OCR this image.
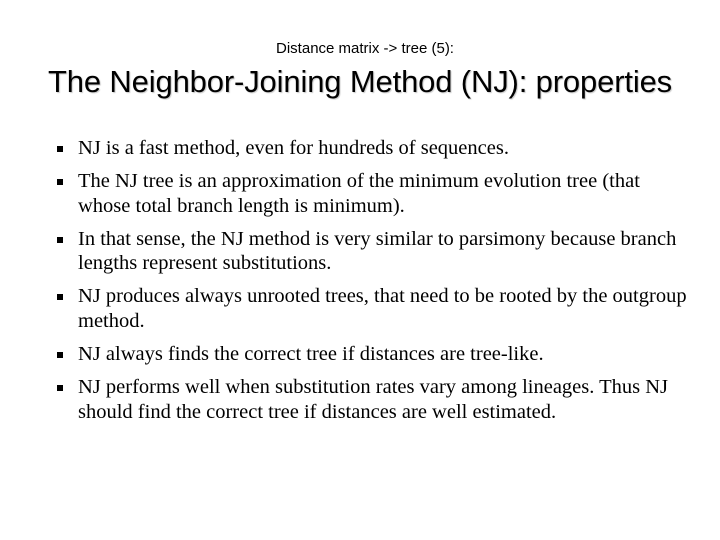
Distance matrix -> tree (5):
The Neighbor-Joining Method (NJ): properties
NJ is a fast method, even for hundreds of sequences.
The NJ tree is an approximation of the minimum evolution tree (that whose total branch length is minimum).
In that sense, the NJ method is very similar to parsimony because branch lengths represent substitutions.
NJ produces always unrooted trees, that need to be rooted by the outgroup method.
NJ always finds the correct tree if distances are tree-like.
NJ performs well when substitution rates vary among lineages. Thus NJ should find the correct tree if distances are well estimated.
